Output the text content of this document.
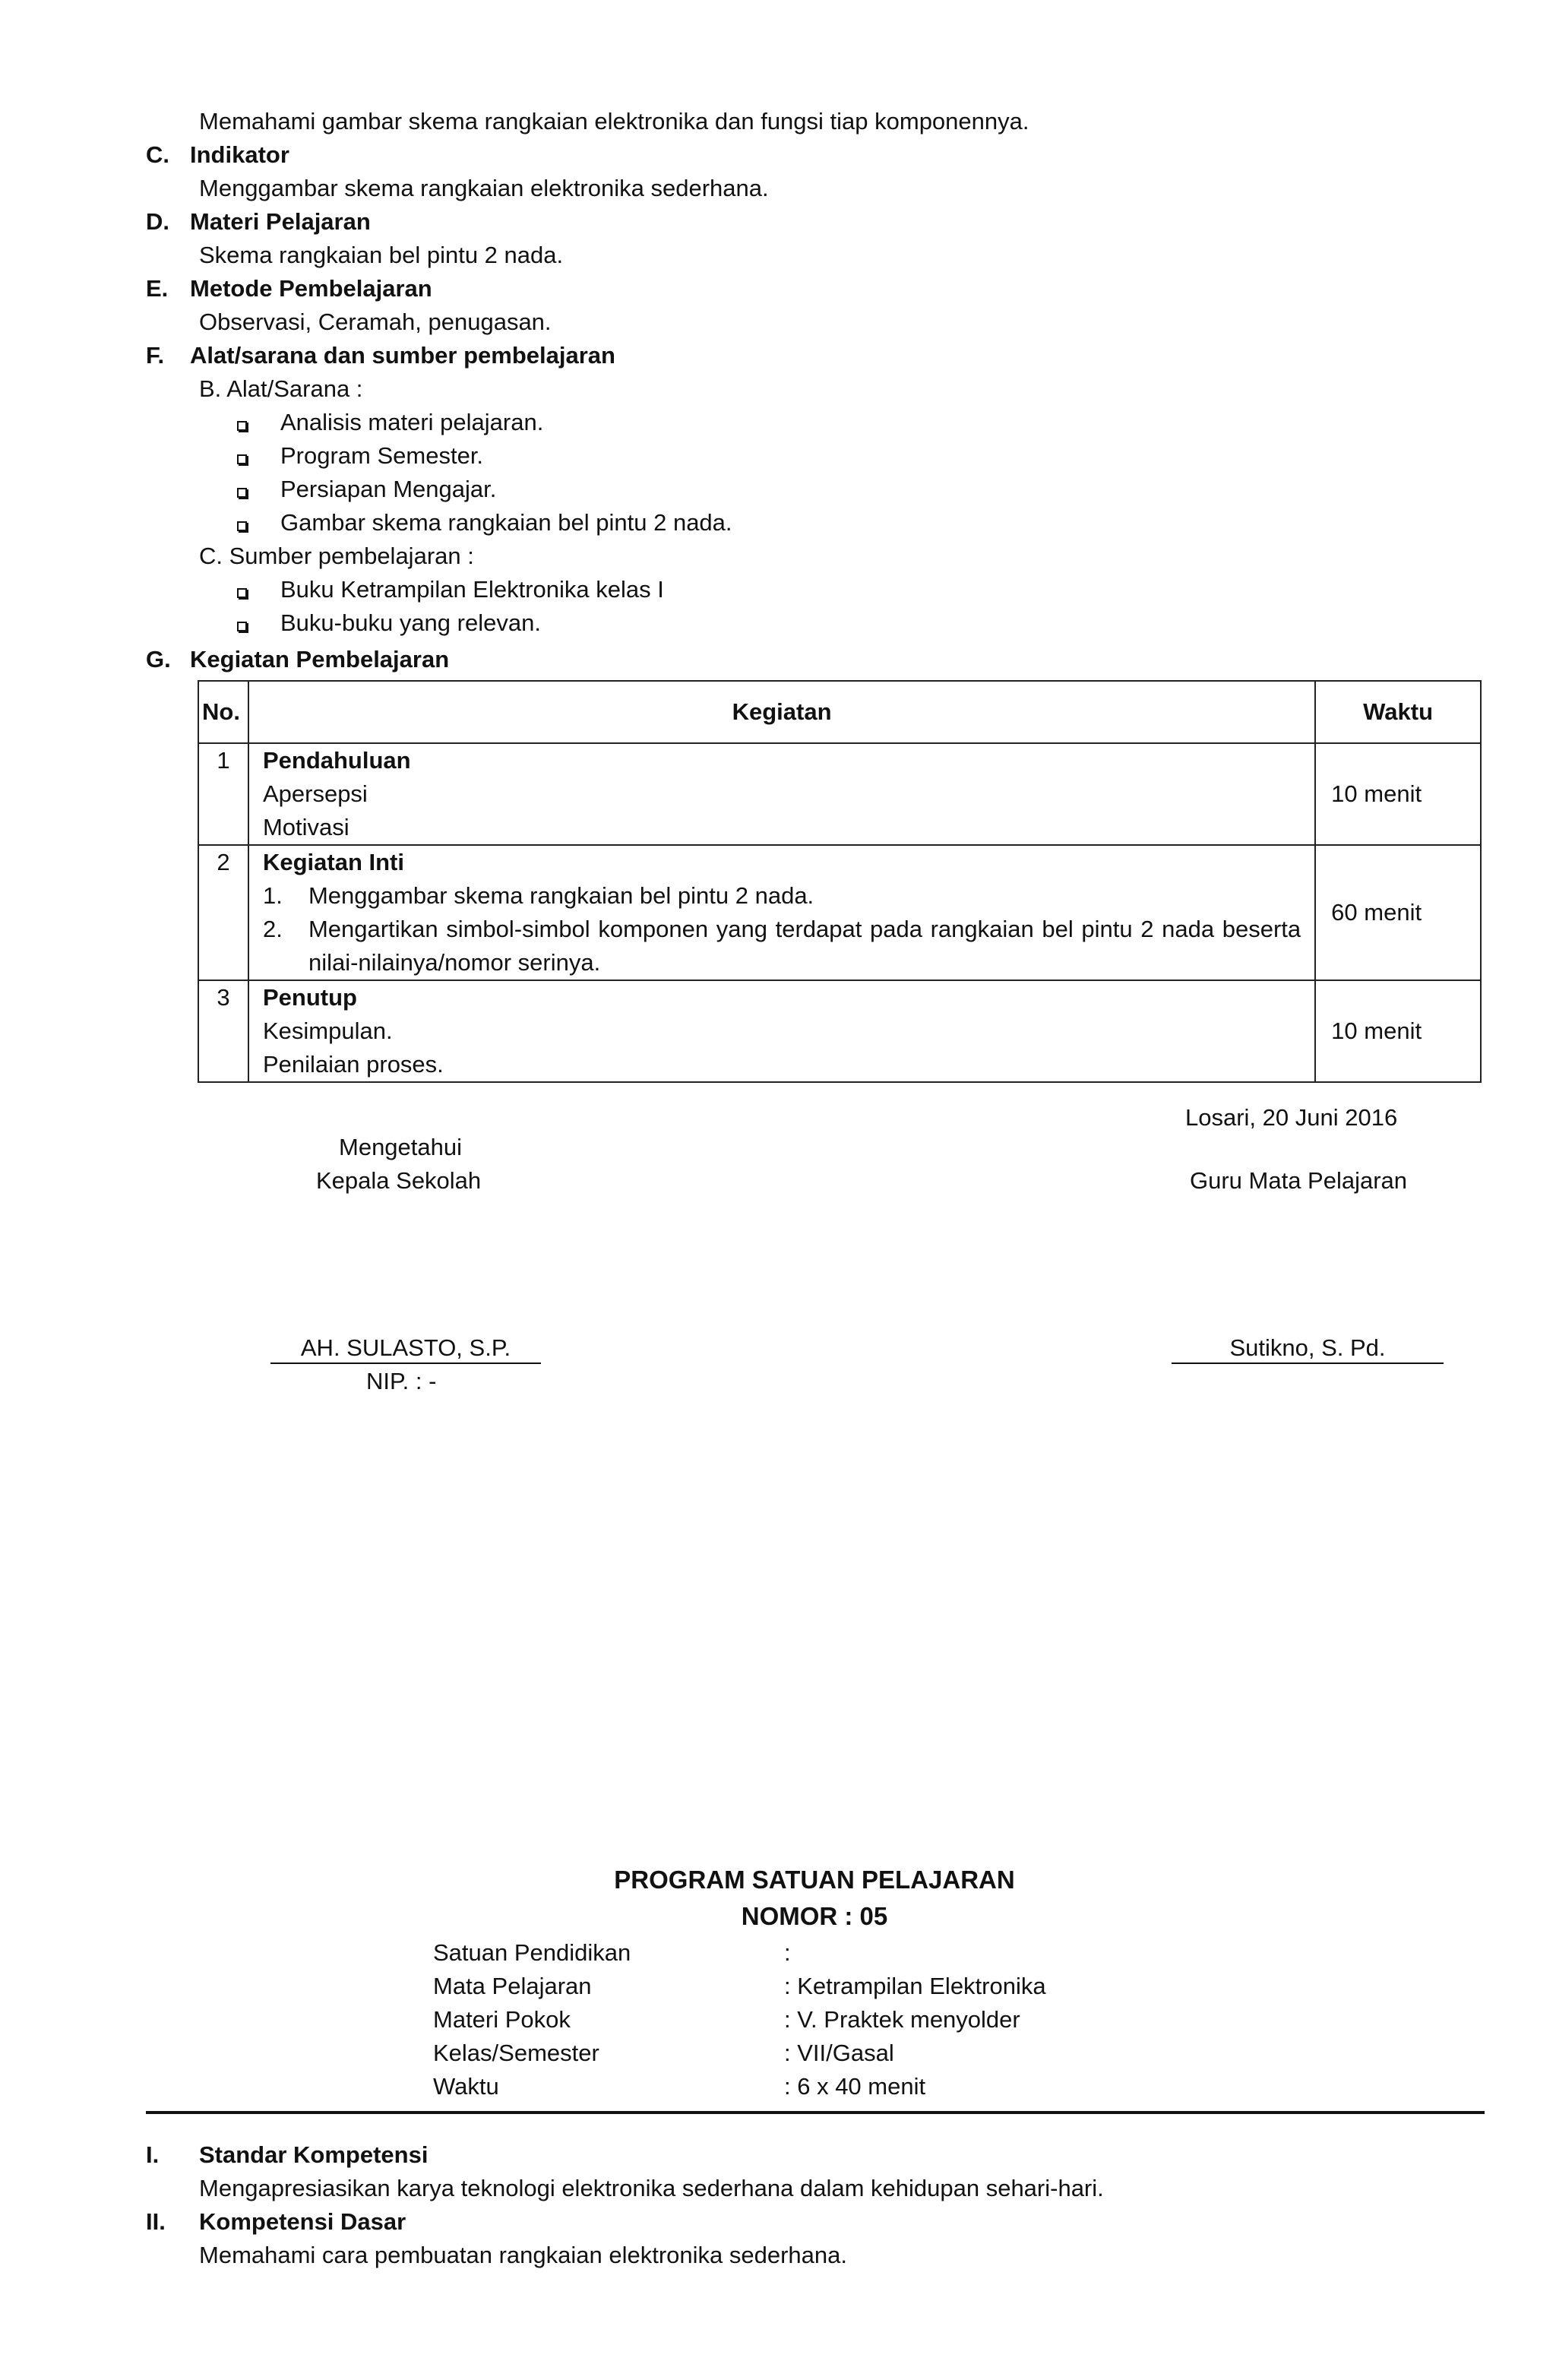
Memahami gambar skema rangkaian elektronika dan fungsi tiap komponennya.
C. Indikator
Menggambar skema rangkaian elektronika sederhana.
D. Materi Pelajaran
Skema rangkaian bel pintu 2 nada.
E. Metode Pembelajaran
Observasi, Ceramah, penugasan.
F. Alat/sarana dan sumber pembelajaran
B. Alat/Sarana :
Analisis materi pelajaran.
Program Semester.
Persiapan Mengajar.
Gambar skema rangkaian bel pintu 2 nada.
C. Sumber pembelajaran :
Buku Ketrampilan Elektronika kelas I
Buku-buku yang relevan.
G. Kegiatan Pembelajaran
No.	Kegiatan	Waktu
1	Pendahuluan
Apersepsi
Motivasi	10 menit
2	Kegiatan Inti
1. Menggambar skema rangkaian bel pintu 2 nada.
2. Mengartikan simbol-simbol komponen yang terdapat pada rangkaian bel pintu 2 nada beserta nilai-nilainya/nomor serinya.	60 menit
3	Penutup
Kesimpulan.
Penilaian proses.	10 menit
Losari, 20 Juni 2016
Mengetahui
Kepala Sekolah	Guru Mata Pelajaran
AH. SULASTO, S.P.
NIP. : -
Sutikno, S. Pd.
PROGRAM SATUAN PELAJARAN
NOMOR : 05
Satuan Pendidikan	:
Mata Pelajaran	: Ketrampilan Elektronika
Materi Pokok	: V. Praktek menyolder
Kelas/Semester	: VII/Gasal
Waktu	: 6 x 40 menit
I. Standar Kompetensi
Mengapresiasikan karya teknologi elektronika sederhana dalam kehidupan sehari-hari.
II. Kompetensi Dasar
Memahami cara pembuatan rangkaian elektronika sederhana.
